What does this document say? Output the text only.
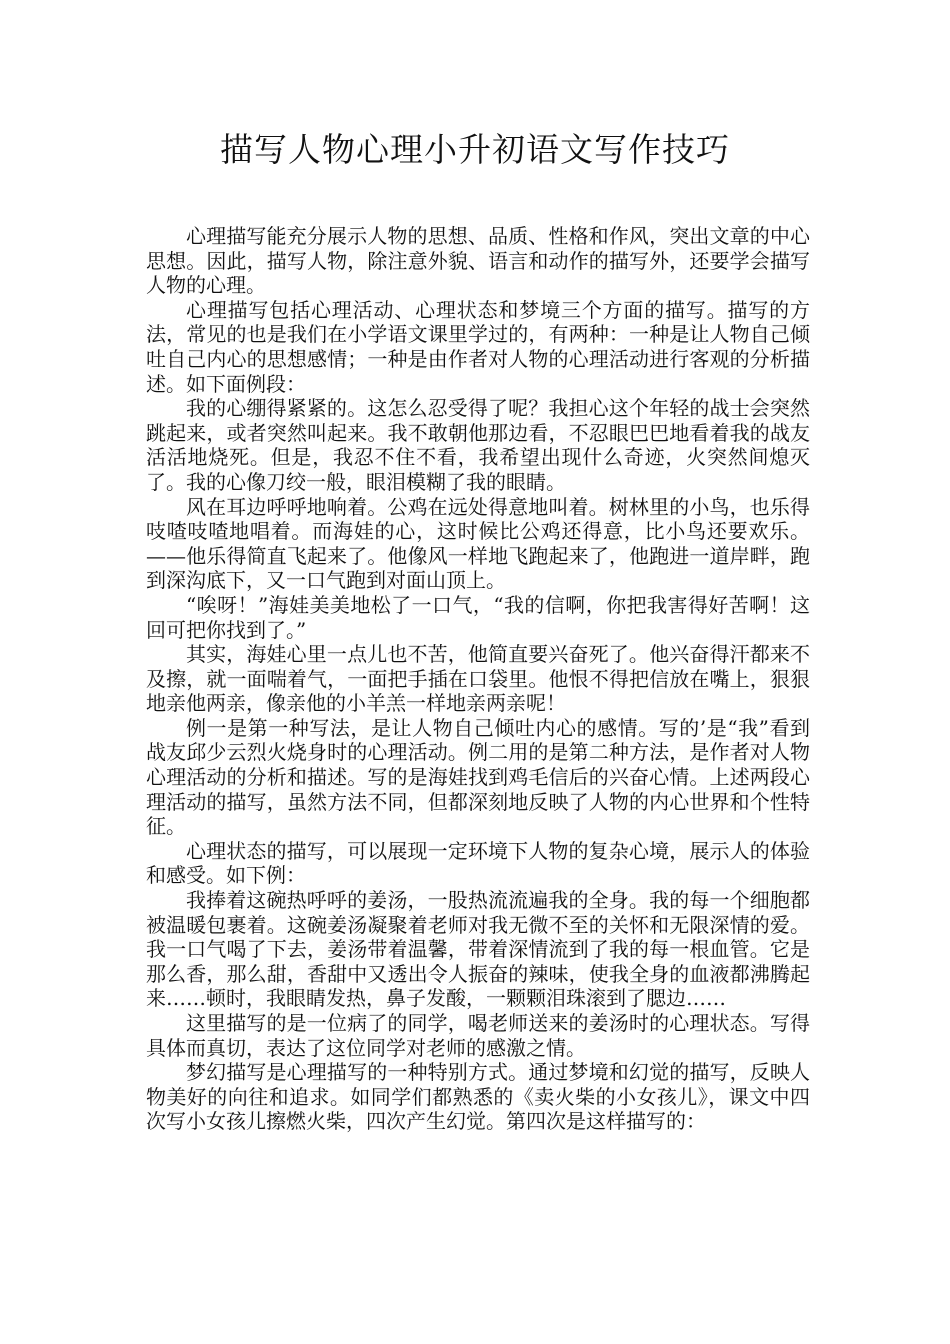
描写人物心理小升初语文写作技巧

心理描写能充分展示人物的思想、品质、性格和作风，突出文章的中心思想。因此，描写人物，除注意外貌、语言和动作的描写外，还要学会描写人物的心理。

心理描写包括心理活动、心理状态和梦境三个方面的描写。描写的方法，常见的也是我们在小学语文课里学过的，有两种：一种是让人物自己倾吐自己内心的思想感情；一种是由作者对人物的心理活动进行客观的分析描述。如下面例段：

我的心绷得紧紧的。这怎么忍受得了呢？我担心这个年轻的战士会突然跳起来，或者突然叫起来。我不敢朝他那边看，不忍眼巴巴地看着我的战友活活地烧死。但是，我忍不住不看，我希望出现什么奇迹，火突然间熄灭了。我的心像刀绞一般，眼泪模糊了我的眼睛。

风在耳边呼呼地响着。公鸡在远处得意地叫着。树林里的小鸟，也乐得吱喳吱喳地唱着。而海娃的心，这时候比公鸡还得意，比小鸟还要欢乐。——他乐得简直飞起来了。他像风一样地飞跑起来了，他跑进一道岸畔，跑到深沟底下，又一口气跑到对面山顶上。

“唉呀！”海娃美美地松了一口气，“我的信啊，你把我害得好苦啊！这回可把你找到了。”

其实，海娃心里一点儿也不苦，他简直要兴奋死了。他兴奋得汗都来不及擦，就一面喘着气，一面把手插在口袋里。他恨不得把信放在嘴上，狠狠地亲他两亲，像亲他的小羊羔一样地亲两亲呢！

例一是第一种写法，是让人物自己倾吐内心的感情。写的’是“我”看到战友邱少云烈火烧身时的心理活动。例二用的是第二种方法，是作者对人物心理活动的分析和描述。写的是海娃找到鸡毛信后的兴奋心情。上述两段心理活动的描写，虽然方法不同，但都深刻地反映了人物的内心世界和个性特征。

心理状态的描写，可以展现一定环境下人物的复杂心境，展示人的体验和感受。如下例：

我捧着这碗热呼呼的姜汤，一股热流流遍我的全身。我的每一个细胞都被温暖包裹着。这碗姜汤凝聚着老师对我无微不至的关怀和无限深情的爱。我一口气喝了下去，姜汤带着温馨，带着深情流到了我的每一根血管。它是那么香，那么甜，香甜中又透出令人振奋的辣味，使我全身的血液都沸腾起来……顿时，我眼睛发热，鼻子发酸，一颗颗泪珠滚到了腮边……

这里描写的是一位病了的同学，喝老师送来的姜汤时的心理状态。写得具体而真切，表达了这位同学对老师的感激之情。

梦幻描写是心理描写的一种特别方式。通过梦境和幻觉的描写，反映人物美好的向往和追求。如同学们都熟悉的《卖火柴的小女孩儿》，课文中四次写小女孩儿擦燃火柴，四次产生幻觉。第四次是这样描写的：
